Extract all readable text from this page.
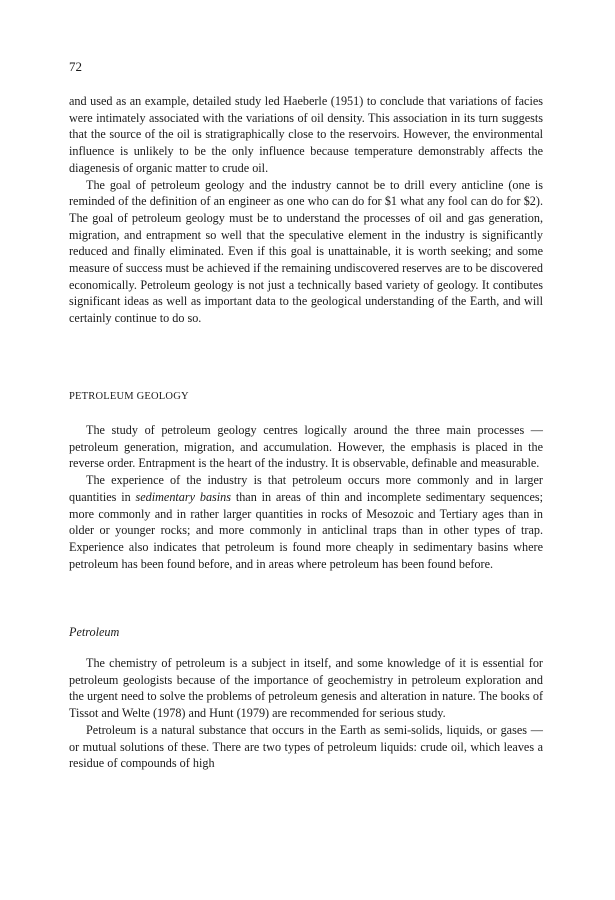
72

and used as an example, detailed study led Haeberle (1951) to conclude that variations of facies were intimately associated with the variations of oil density. This association in its turn suggests that the source of the oil is stratigraphically close to the reservoirs. However, the environmental influence is unlikely to be the only influence because temperature demonstrably affects the diagenesis of organic matter to crude oil.

The goal of petroleum geology and the industry cannot be to drill every anticline (one is reminded of the definition of an engineer as one who can do for $1 what any fool can do for $2). The goal of petroleum geology must be to understand the processes of oil and gas generation, migration, and entrapment so well that the speculative element in the industry is significantly reduced and finally eliminated. Even if this goal is unattainable, it is worth seeking; and some measure of success must be achieved if the remaining undiscovered reserves are to be discovered economically. Petroleum geology is not just a technically based variety of geology. It contibutes significant ideas as well as important data to the geological understanding of the Earth, and will certainly continue to do so.

PETROLEUM GEOLOGY

The study of petroleum geology centres logically around the three main processes — petroleum generation, migration, and accumulation. However, the emphasis is placed in the reverse order. Entrapment is the heart of the industry. It is observable, definable and measurable.

The experience of the industry is that petroleum occurs more commonly and in larger quantities in sedimentary basins than in areas of thin and incomplete sedimentary sequences; more commonly and in rather larger quantities in rocks of Mesozoic and Tertiary ages than in older or younger rocks; and more commonly in anticlinal traps than in other types of trap. Experience also indicates that petroleum is found more cheaply in sedimentary basins where petroleum has been found before, and in areas where petroleum has been found before.

Petroleum

The chemistry of petroleum is a subject in itself, and some knowledge of it is essential for petroleum geologists because of the importance of geochemistry in petroleum exploration and the urgent need to solve the problems of petroleum genesis and alteration in nature. The books of Tissot and Welte (1978) and Hunt (1979) are recommended for serious study.

Petroleum is a natural substance that occurs in the Earth as semi-solids, liquids, or gases — or mutual solutions of these. There are two types of petroleum liquids: crude oil, which leaves a residue of compounds of high
